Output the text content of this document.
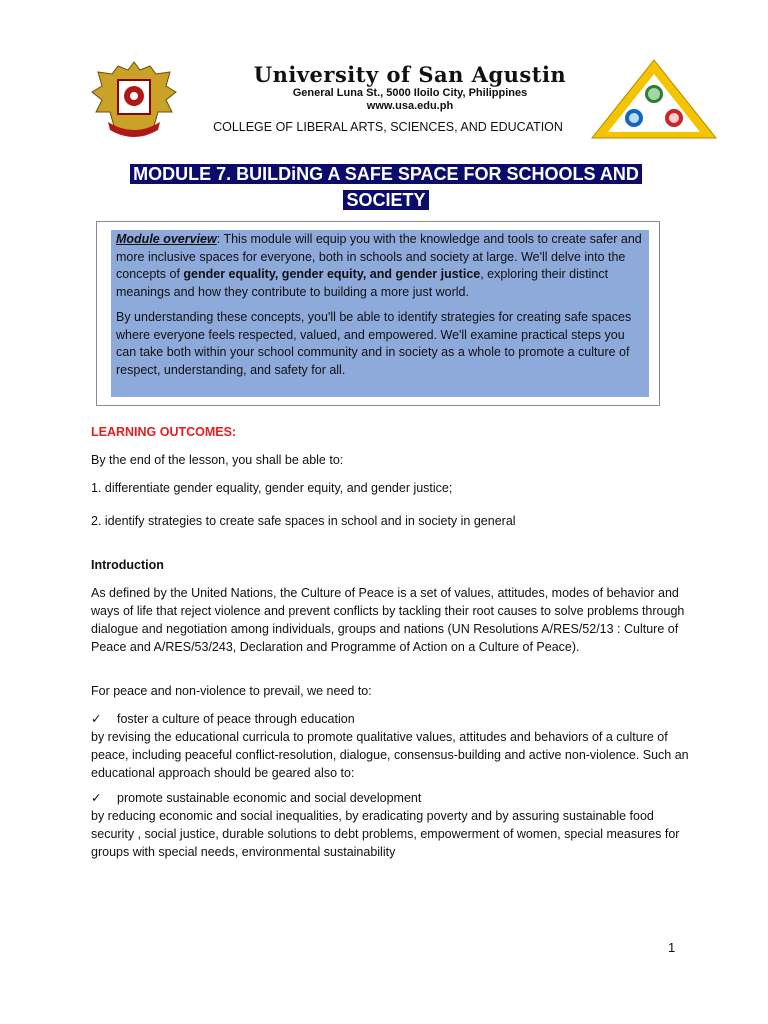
University of San Agustin
General Luna St., 5000 Iloilo City, Philippines
www.usa.edu.ph
COLLEGE OF LIBERAL ARTS, SCIENCES, AND EDUCATION
MODULE 7. BUILDiNG A SAFE SPACE FOR SCHOOLS AND
SOCIETY

Module overview: This module will equip you with the knowledge and tools to create safer and more inclusive spaces for everyone, both in schools and society at large. We'll delve into the concepts of gender equality, gender equity, and gender justice, exploring their distinct meanings and how they contribute to building a more just world.

By understanding these concepts, you'll be able to identify strategies for creating safe spaces where everyone feels respected, valued, and empowered. We'll examine practical steps you can take both within your school community and in society as a whole to promote a culture of respect, understanding, and safety for all.

LEARNING OUTCOMES:
By the end of the lesson, you shall be able to:
1. differentiate gender equality, gender equity, and gender justice;
2. identify strategies to create safe spaces in school and in society in general
Introduction
As defined by the United Nations, the Culture of Peace is a set of values, attitudes, modes of behavior and ways of life that reject violence and prevent conflicts by tackling their root causes to solve problems through dialogue and negotiation among individuals, groups and nations (UN Resolutions A/RES/52/13 : Culture of Peace and A/RES/53/243, Declaration and Programme of Action on a Culture of Peace).
For peace and non-violence to prevail, we need to:
✓ foster a culture of peace through education
by revising the educational curricula to promote qualitative values, attitudes and behaviors of a culture of peace, including peaceful conflict-resolution, dialogue, consensus-building and active non-violence. Such an educational approach should be geared also to:
✓ promote sustainable economic and social development
by reducing economic and social inequalities, by eradicating poverty and by assuring sustainable food security , social justice, durable solutions to debt problems, empowerment of women, special measures for groups with special needs, environmental sustainability
1
